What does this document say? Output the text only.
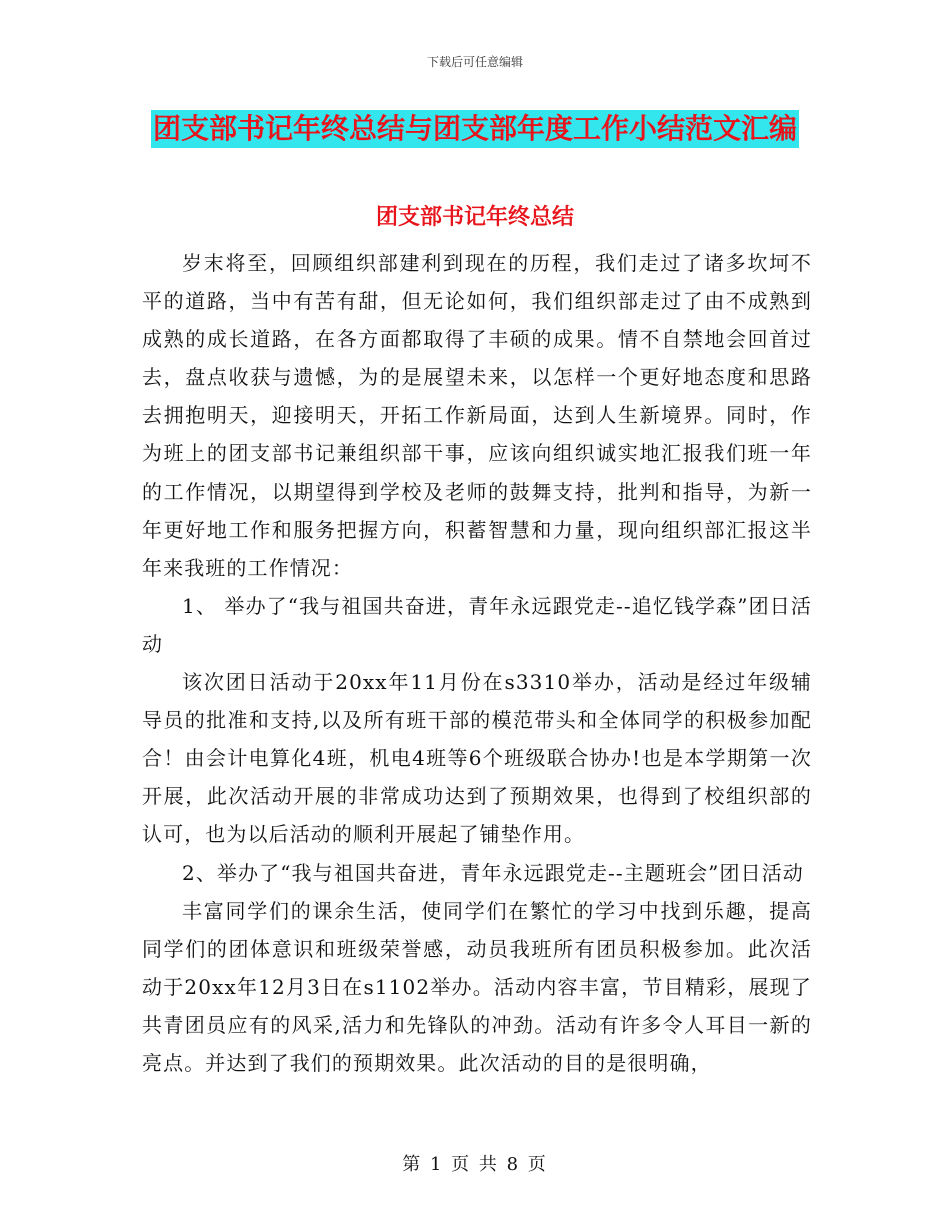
下载后可任意编辑
团支部书记年终总结与团支部年度工作小结范文汇编
团支部书记年终总结

岁末将至，回顾组织部建利到现在的历程，我们走过了诸多坎坷不平的道路，当中有苦有甜，但无论如何，我们组织部走过了由不成熟到成熟的成长道路，在各方面都取得了丰硕的成果。情不自禁地会回首过去，盘点收获与遗憾，为的是展望未来，以怎样一个更好地态度和思路去拥抱明天，迎接明天，开拓工作新局面，达到人生新境界。同时，作为班上的团支部书记兼组织部干事，应该向组织诚实地汇报我们班一年的工作情况，以期望得到学校及老师的鼓舞支持，批判和指导，为新一年更好地工作和服务把握方向，积蓄智慧和力量，现向组织部汇报这半年来我班的工作情况：

1、 举办了“我与祖国共奋进，青年永远跟党走--追忆钱学森”团日活动

该次团日活动于20xx年11月份在s3310举办，活动是经过年级辅导员的批准和支持,以及所有班干部的模范带头和全体同学的积极参加配合！由会计电算化4班，机电4班等6个班级联合协办!也是本学期第一次开展，此次活动开展的非常成功达到了预期效果，也得到了校组织部的认可，也为以后活动的顺利开展起了铺垫作用。

2、举办了“我与祖国共奋进，青年永远跟党走--主题班会”团日活动

丰富同学们的课余生活，使同学们在繁忙的学习中找到乐趣，提高同学们的团体意识和班级荣誉感，动员我班所有团员积极参加。此次活动于20xx年12月3日在s1102举办。活动内容丰富，节目精彩，展现了共青团员应有的风采,活力和先锋队的冲劲。活动有许多令人耳目一新的亮点。并达到了我们的预期效果。此次活动的目的是很明确，

第 1 页 共 8 页
